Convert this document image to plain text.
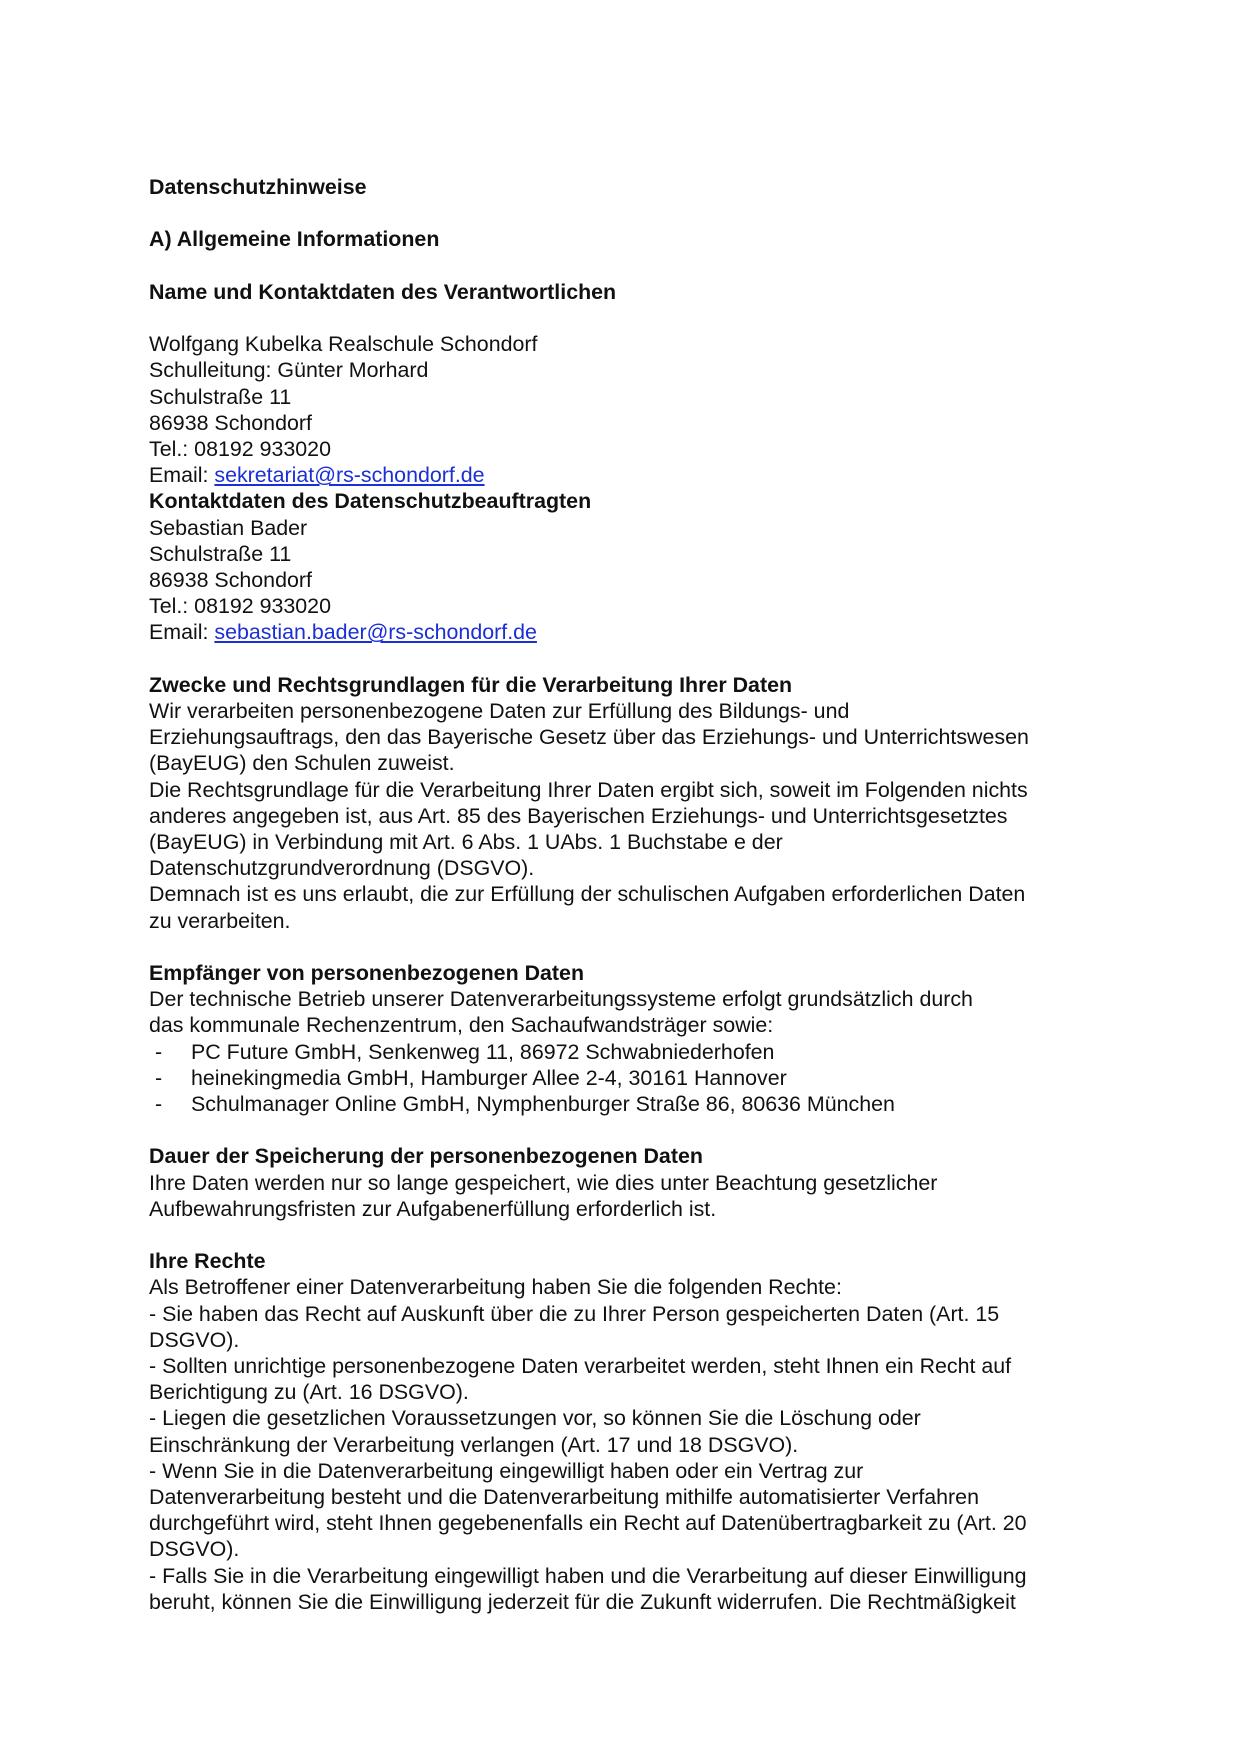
Datenschutzhinweise
A) Allgemeine Informationen
Name und Kontaktdaten des Verantwortlichen
Wolfgang Kubelka Realschule Schondorf
Schulleitung: Günter Morhard
Schulstraße 11
86938 Schondorf
Tel.: 08192 933020
Email: sekretariat@rs-schondorf.de
Kontaktdaten des Datenschutzbeauftragten
Sebastian Bader
Schulstraße 11
86938 Schondorf
Tel.: 08192 933020
Email: sebastian.bader@rs-schondorf.de
Zwecke und Rechtsgrundlagen für die Verarbeitung Ihrer Daten
Wir verarbeiten personenbezogene Daten zur Erfüllung des Bildungs- und
Erziehungsauftrags, den das Bayerische Gesetz über das Erziehungs- und Unterrichtswesen
(BayEUG) den Schulen zuweist.
Die Rechtsgrundlage für die Verarbeitung Ihrer Daten ergibt sich, soweit im Folgenden nichts
anderes angegeben ist, aus Art. 85 des Bayerischen Erziehungs- und Unterrichtsgesetztes
(BayEUG) in Verbindung mit Art. 6 Abs. 1 UAbs. 1 Buchstabe e der
Datenschutzgrundverordnung (DSGVO).
Demnach ist es uns erlaubt, die zur Erfüllung der schulischen Aufgaben erforderlichen Daten
zu verarbeiten.
Empfänger von personenbezogenen Daten
Der technische Betrieb unserer Datenverarbeitungssysteme erfolgt grundsätzlich durch
das kommunale Rechenzentrum, den Sachaufwandsträger sowie:
- PC Future GmbH, Senkenweg 11, 86972 Schwabniederhofen
- heinekingmedia GmbH, Hamburger Allee 2-4, 30161 Hannover
- Schulmanager Online GmbH, Nymphenburger Straße 86, 80636 München
Dauer der Speicherung der personenbezogenen Daten
Ihre Daten werden nur so lange gespeichert, wie dies unter Beachtung gesetzlicher
Aufbewahrungsfristen zur Aufgabenerfüllung erforderlich ist.
Ihre Rechte
Als Betroffener einer Datenverarbeitung haben Sie die folgenden Rechte:
- Sie haben das Recht auf Auskunft über die zu Ihrer Person gespeicherten Daten (Art. 15
DSGVO).
- Sollten unrichtige personenbezogene Daten verarbeitet werden, steht Ihnen ein Recht auf
Berichtigung zu (Art. 16 DSGVO).
- Liegen die gesetzlichen Voraussetzungen vor, so können Sie die Löschung oder
Einschränkung der Verarbeitung verlangen (Art. 17 und 18 DSGVO).
- Wenn Sie in die Datenverarbeitung eingewilligt haben oder ein Vertrag zur
Datenverarbeitung besteht und die Datenverarbeitung mithilfe automatisierter Verfahren
durchgeführt wird, steht Ihnen gegebenenfalls ein Recht auf Datenübertragbarkeit zu (Art. 20
DSGVO).
- Falls Sie in die Verarbeitung eingewilligt haben und die Verarbeitung auf dieser Einwilligung
beruht, können Sie die Einwilligung jederzeit für die Zukunft widerrufen. Die Rechtmäßigkeit
